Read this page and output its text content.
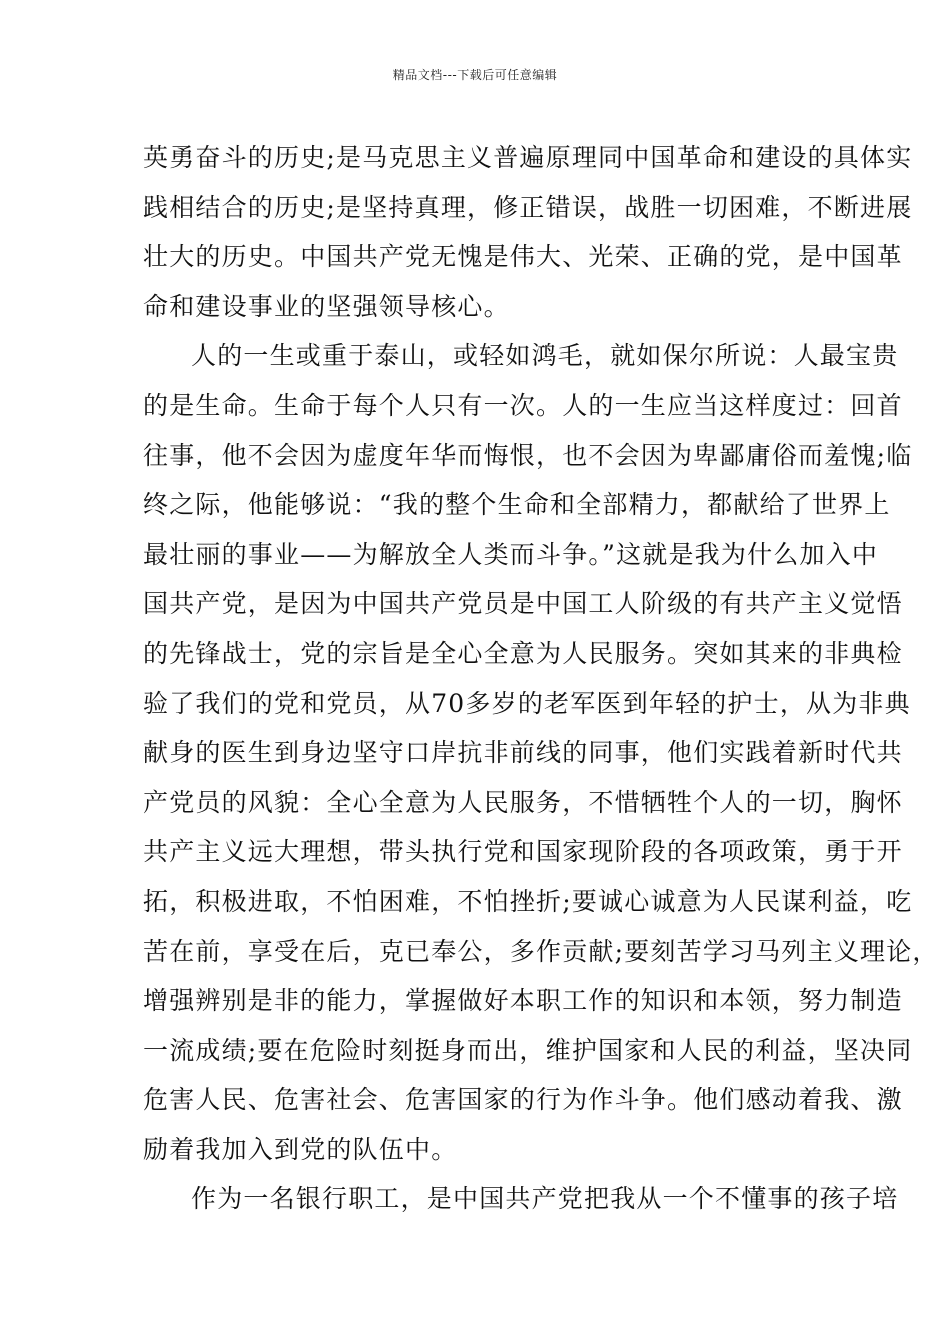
精品文档---下载后可任意编辑
英勇奋斗的历史;是马克思主义普遍原理同中国革命和建设的具体实
践相结合的历史;是坚持真理，修正错误，战胜一切困难，不断进展
壮大的历史。中国共产党无愧是伟大、光荣、正确的党，是中国革
命和建设事业的坚强领导核心。
人的一生或重于泰山，或轻如鸿毛，就如保尔所说：人最宝贵
的是生命。生命于每个人只有一次。人的一生应当这样度过：回首
往事，他不会因为虚度年华而悔恨，也不会因为卑鄙庸俗而羞愧;临
终之际，他能够说：“我的整个生命和全部精力，都献给了世界上
最壮丽的事业——为解放全人类而斗争。”这就是我为什么加入中
国共产党，是因为中国共产党员是中国工人阶级的有共产主义觉悟
的先锋战士，党的宗旨是全心全意为人民服务。突如其来的非典检
验了我们的党和党员，从70多岁的老军医到年轻的护士，从为非典
献身的医生到身边坚守口岸抗非前线的同事，他们实践着新时代共
产党员的风貌：全心全意为人民服务，不惜牺牲个人的一切，胸怀
共产主义远大理想，带头执行党和国家现阶段的各项政策，勇于开
拓，积极进取，不怕困难，不怕挫折;要诚心诚意为人民谋利益，吃
苦在前，享受在后，克已奉公，多作贡献;要刻苦学习马列主义理论，
增强辨别是非的能力，掌握做好本职工作的知识和本领，努力制造
一流成绩;要在危险时刻挺身而出，维护国家和人民的利益，坚决同
危害人民、危害社会、危害国家的行为作斗争。他们感动着我、激
励着我加入到党的队伍中。
作为一名银行职工，是中国共产党把我从一个不懂事的孩子培
